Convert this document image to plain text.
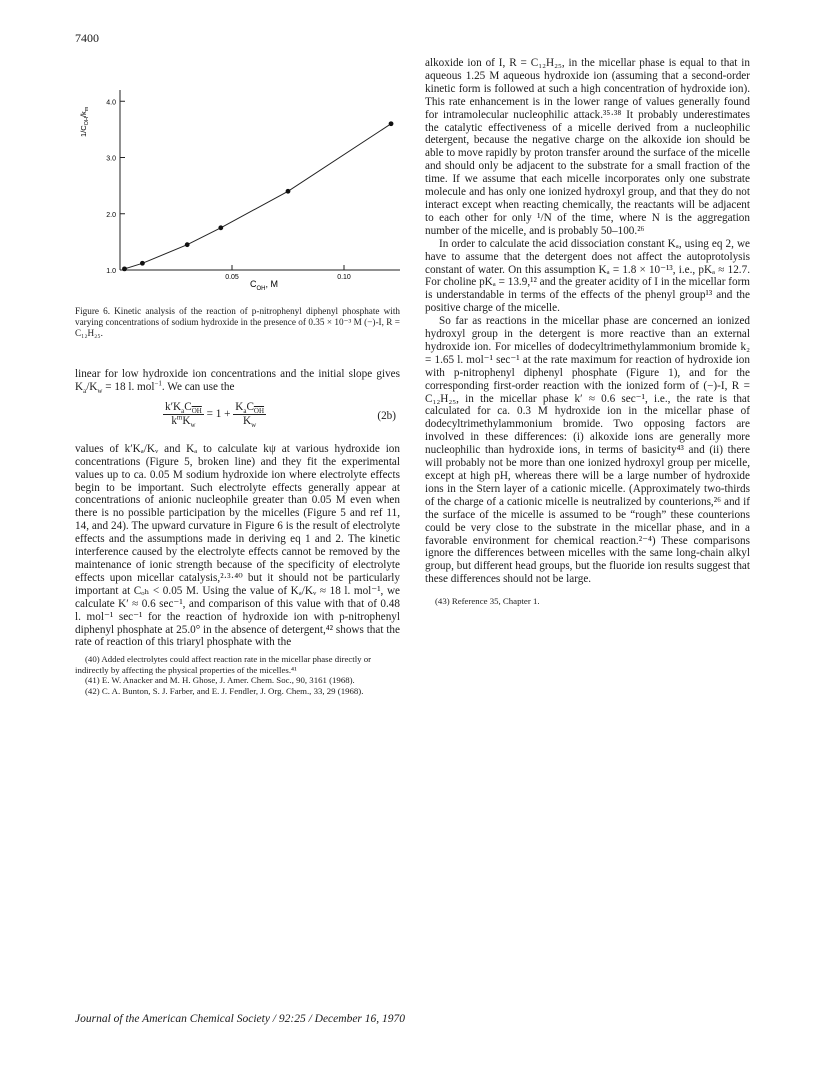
7400
1.0
2.0
3.0
4.0
0.05	0.10
$C_{OH}$, M
$1/C_{OH}/k_m$
Figure 6. Kinetic analysis of the reaction of p-nitrophenyl diphenyl phosphate with varying concentrations of sodium hydroxide in the presence of 0.35 × 10⁻³ M (−)-I, R = C₁₂H₂₅.

linear for low hydroxide ion concentrations and the initial slope gives $K_a/K_w = 18$ l. mol$^{-1}$. We can use the

$\frac{k'K_aC_{\overline{OH}}}{k^mK_w} = 1 + \frac{K_aC_{\overline{OH}}}{K_w}$	(2b)

values of k′Kₐ/Kᵥ and Kₐ to calculate kψ at various hydroxide ion concentrations (Figure 5, broken line) and they fit the experimental values up to ca. 0.05 M sodium hydroxide ion where electrolyte effects begin to be important. Such electrolyte effects generally appear at concentrations of anionic nucleophile greater than 0.05 M even when there is no possible participation by the micelles (Figure 5 and ref 11, 14, and 24). The upward curvature in Figure 6 is the result of electrolyte effects and the assumptions made in deriving eq 1 and 2. The kinetic interference caused by the electrolyte effects cannot be removed by the maintenance of ionic strength because of the specificity of electrolyte effects upon micellar catalysis,²·³·⁴⁰ but it should not be particularly important at Cₒₕ < 0.05 M. Using the value of Kₐ/Kᵥ ≈ 18 l. mol⁻¹, we calculate K′ ≈ 0.6 sec⁻¹, and comparison of this value with that of 0.48 l. mol⁻¹ sec⁻¹ for the reaction of hydroxide ion with p-nitrophenyl diphenyl phosphate at 25.0° in the absence of detergent,⁴² shows that the rate of reaction of this triaryl phosphate with the

(40) Added electrolytes could affect reaction rate in the micellar phase directly or indirectly by affecting the physical properties of the micelles.⁴¹

(41) E. W. Anacker and M. H. Ghose, J. Amer. Chem. Soc., 90, 3161 (1968).

(42) C. A. Bunton, S. J. Farber, and E. J. Fendler, J. Org. Chem., 33, 29 (1968).

alkoxide ion of I, R = C₁₂H₂₅, in the micellar phase is equal to that in aqueous 1.25 M aqueous hydroxide ion (assuming that a second-order kinetic form is followed at such a high concentration of hydroxide ion). This rate enhancement is in the lower range of values generally found for intramolecular nucleophilic attack.³⁵·³⁸ It probably underestimates the catalytic effectiveness of a micelle derived from a nucleophilic detergent, because the negative charge on the alkoxide ion should be able to move rapidly by proton transfer around the surface of the micelle and should only be adjacent to the substrate for a small fraction of the time. If we assume that each micelle incorporates only one substrate molecule and has only one ionized hydroxyl group, and that they do not interact except when reacting chemically, the reactants will be adjacent to each other for only ¹/N of the time, where N is the aggregation number of the micelle, and is probably 50–100.²⁶

In order to calculate the acid dissociation constant Kₐ, using eq 2, we have to assume that the detergent does not affect the autoprotolysis constant of water. On this assumption Kₐ = 1.8 × 10⁻¹³, i.e., pKₐ ≈ 12.7. For choline pKₐ = 13.9,¹² and the greater acidity of I in the micellar form is understandable in terms of the effects of the phenyl group¹³ and the positive charge of the micelle.

So far as reactions in the micellar phase are concerned an ionized hydroxyl group in the detergent is more reactive than an external hydroxide ion. For micelles of dodecyltrimethylammonium bromide k₂ = 1.65 l. mol⁻¹ sec⁻¹ at the rate maximum for reaction of hydroxide ion with p-nitrophenyl diphenyl phosphate (Figure 1), and for the corresponding first-order reaction with the ionized form of (−)-I, R = C₁₂H₂₅, in the micellar phase k′ ≈ 0.6 sec⁻¹, i.e., the rate is that calculated for ca. 0.3 M hydroxide ion in the micellar phase of dodecyltrimethylammonium bromide. Two opposing factors are involved in these differences: (i) alkoxide ions are generally more nucleophilic than hydroxide ions, in terms of basicity⁴³ and (ii) there will probably not be more than one ionized hydroxyl group per micelle, except at high pH, whereas there will be a large number of hydroxide ions in the Stern layer of a cationic micelle. (Approximately two-thirds of the charge of a cationic micelle is neutralized by counterions,²⁶ and if the surface of the micelle is assumed to be “rough” these counterions could be very close to the substrate in the micellar phase, and in a favorable environment for chemical reaction.²⁻⁴) These comparisons ignore the differences between micelles with the same long-chain alkyl group, but different head groups, but the fluoride ion results suggest that these differences should not be large.

(43) Reference 35, Chapter 1.

Journal of the American Chemical Society / 92:25 / December 16, 1970
